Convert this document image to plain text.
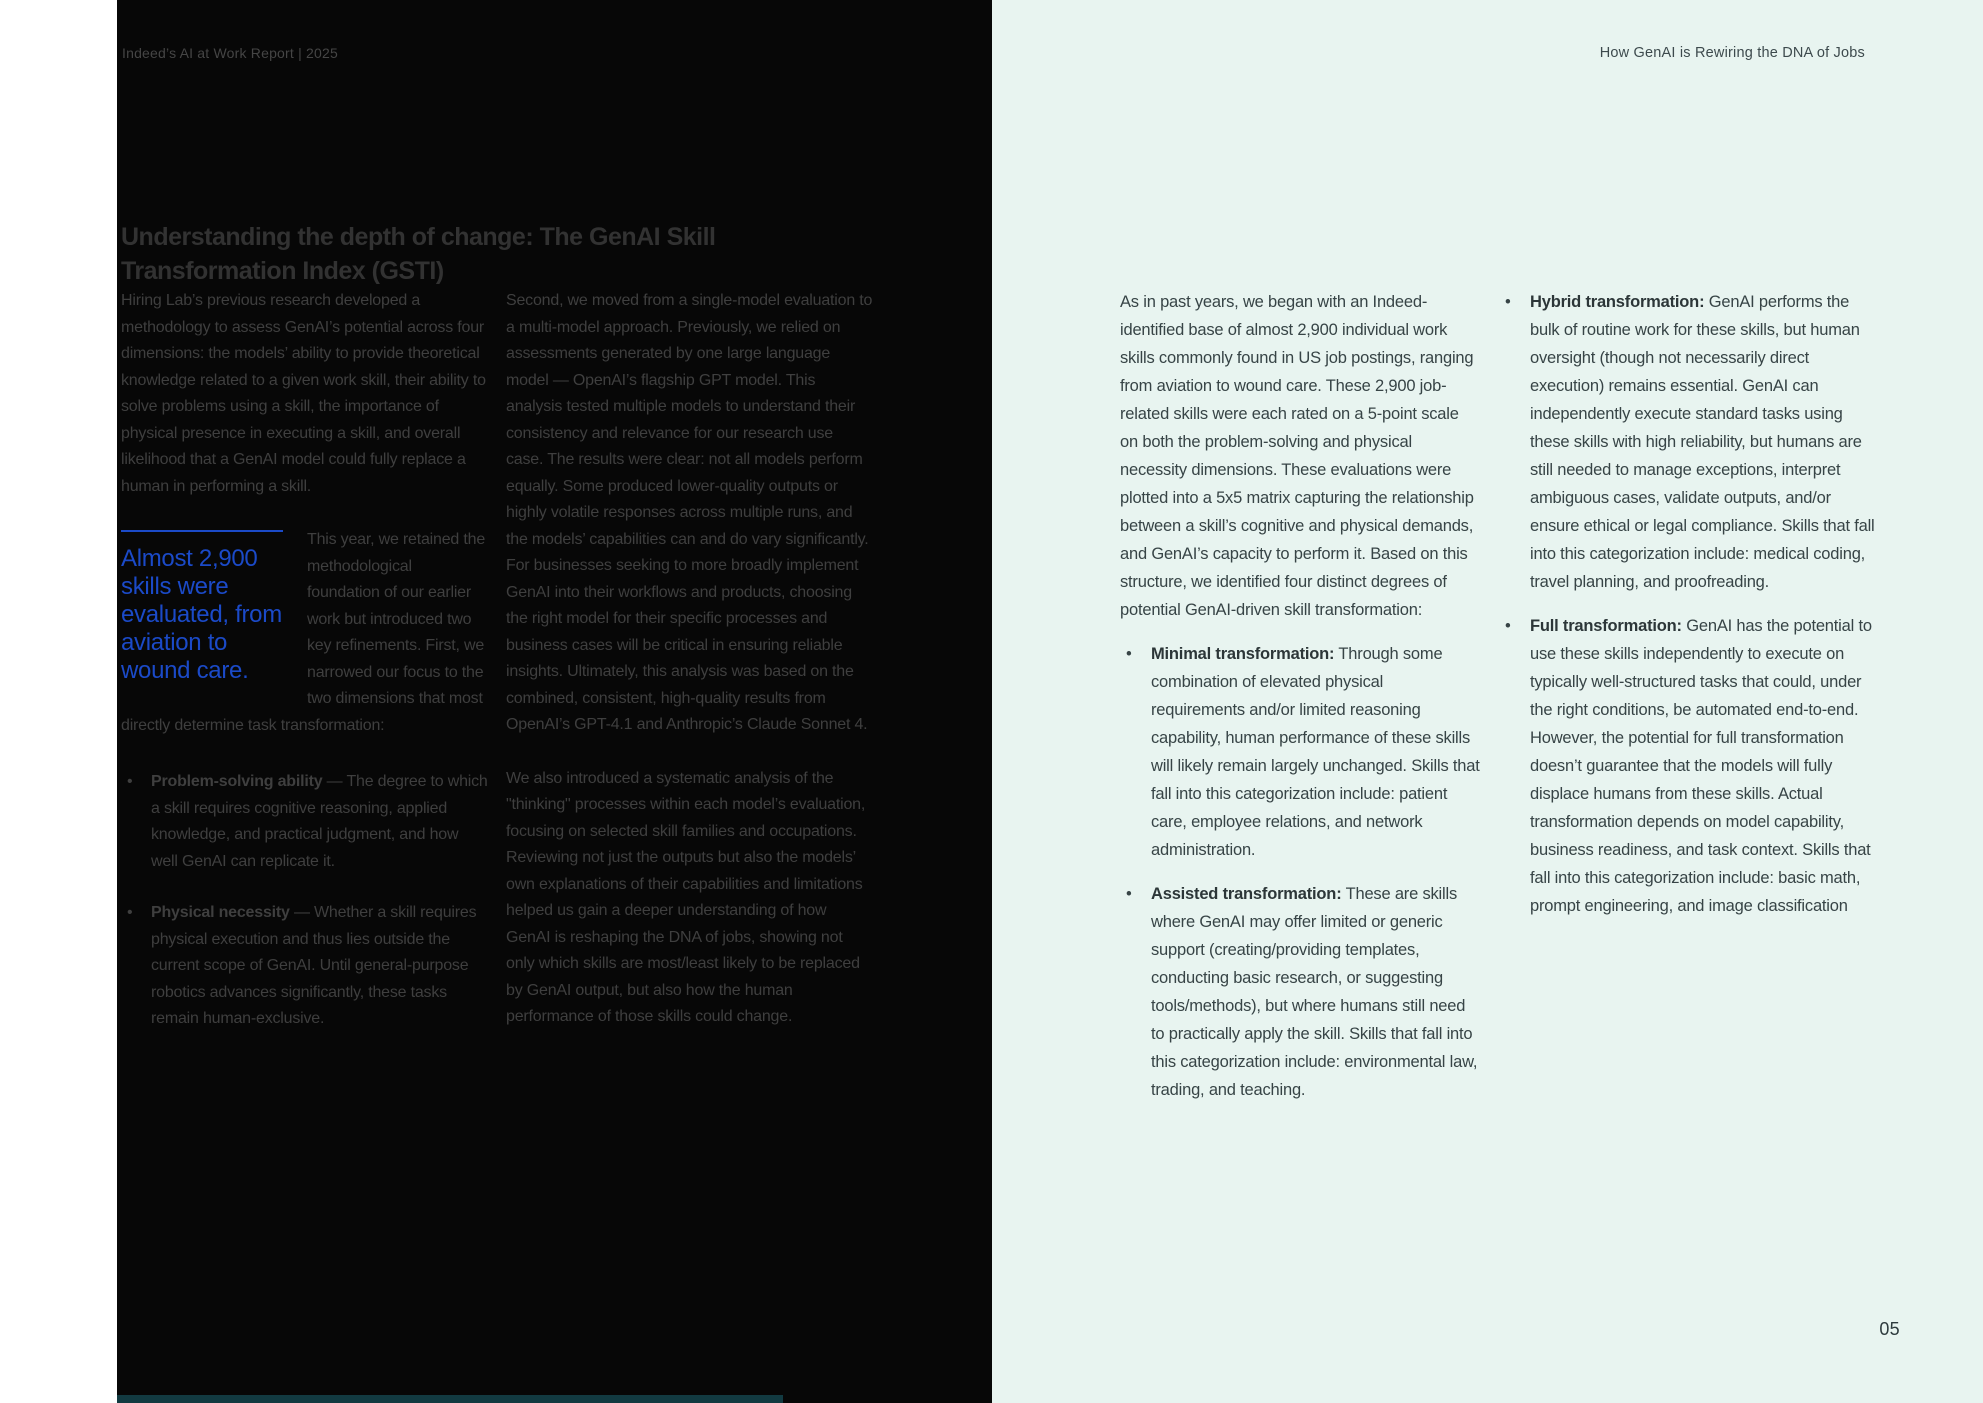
Indeed’s AI at Work Report | 2025
Understanding the depth of change: The GenAI Skill Transformation Index (GSTI)

Hiring Lab’s previous research developed a methodology to assess GenAI’s potential across four dimensions: the models’ ability to provide theoretical knowledge related to a given work skill, their ability to solve problems using a skill, the importance of physical presence in executing a skill, and overall likelihood that a GenAI model could fully replace a human in performing a skill.

Almost 2,900 skills were evaluated, from aviation to wound care.

This year, we retained the methodological foundation of our earlier work but introduced two key refinements. First, we narrowed our focus to the two dimensions that most directly determine task transformation:

• Problem-solving ability — The degree to which a skill requires cognitive reasoning, applied knowledge, and practical judgment, and how well GenAI can replicate it.
• Physical necessity — Whether a skill requires physical execution and thus lies outside the current scope of GenAI. Until general-purpose robotics advances significantly, these tasks remain human-exclusive.

Second, we moved from a single-model evaluation to a multi-model approach. Previously, we relied on assessments generated by one large language model — OpenAI’s flagship GPT model. This analysis tested multiple models to understand their consistency and relevance for our research use case. The results were clear: not all models perform equally. Some produced lower-quality outputs or highly volatile responses across multiple runs, and the models’ capabilities can and do vary significantly. For businesses seeking to more broadly implement GenAI into their workflows and products, choosing the right model for their specific processes and business cases will be critical in ensuring reliable insights. Ultimately, this analysis was based on the combined, consistent, high-quality results from OpenAI’s GPT-4.1 and Anthropic’s Claude Sonnet 4.

We also introduced a systematic analysis of the "thinking" processes within each model’s evaluation, focusing on selected skill families and occupations. Reviewing not just the outputs but also the models’ own explanations of their capabilities and limitations helped us gain a deeper understanding of how GenAI is reshaping the DNA of jobs, showing not only which skills are most/least likely to be replaced by GenAI output, but also how the human performance of those skills could change.

How GenAI is Rewiring the DNA of Jobs

As in past years, we began with an Indeed-identified base of almost 2,900 individual work skills commonly found in US job postings, ranging from aviation to wound care. These 2,900 job-related skills were each rated on a 5-point scale on both the problem-solving and physical necessity dimensions. These evaluations were plotted into a 5x5 matrix capturing the relationship between a skill’s cognitive and physical demands, and GenAI’s capacity to perform it. Based on this structure, we identified four distinct degrees of potential GenAI-driven skill transformation:

• Minimal transformation: Through some combination of elevated physical requirements and/or limited reasoning capability, human performance of these skills will likely remain largely unchanged. Skills that fall into this categorization include: patient care, employee relations, and network administration.
• Assisted transformation: These are skills where GenAI may offer limited or generic support (creating/providing templates, conducting basic research, or suggesting tools/methods), but where humans still need to practically apply the skill. Skills that fall into this categorization include: environmental law, trading, and teaching.
• Hybrid transformation: GenAI performs the bulk of routine work for these skills, but human oversight (though not necessarily direct execution) remains essential. GenAI can independently execute standard tasks using these skills with high reliability, but humans are still needed to manage exceptions, interpret ambiguous cases, validate outputs, and/or ensure ethical or legal compliance. Skills that fall into this categorization include: medical coding, travel planning, and proofreading.
• Full transformation: GenAI has the potential to use these skills independently to execute on typically well-structured tasks that could, under the right conditions, be automated end-to-end. However, the potential for full transformation doesn’t guarantee that the models will fully displace humans from these skills. Actual transformation depends on model capability, business readiness, and task context. Skills that fall into this categorization include: basic math, prompt engineering, and image classification
05
